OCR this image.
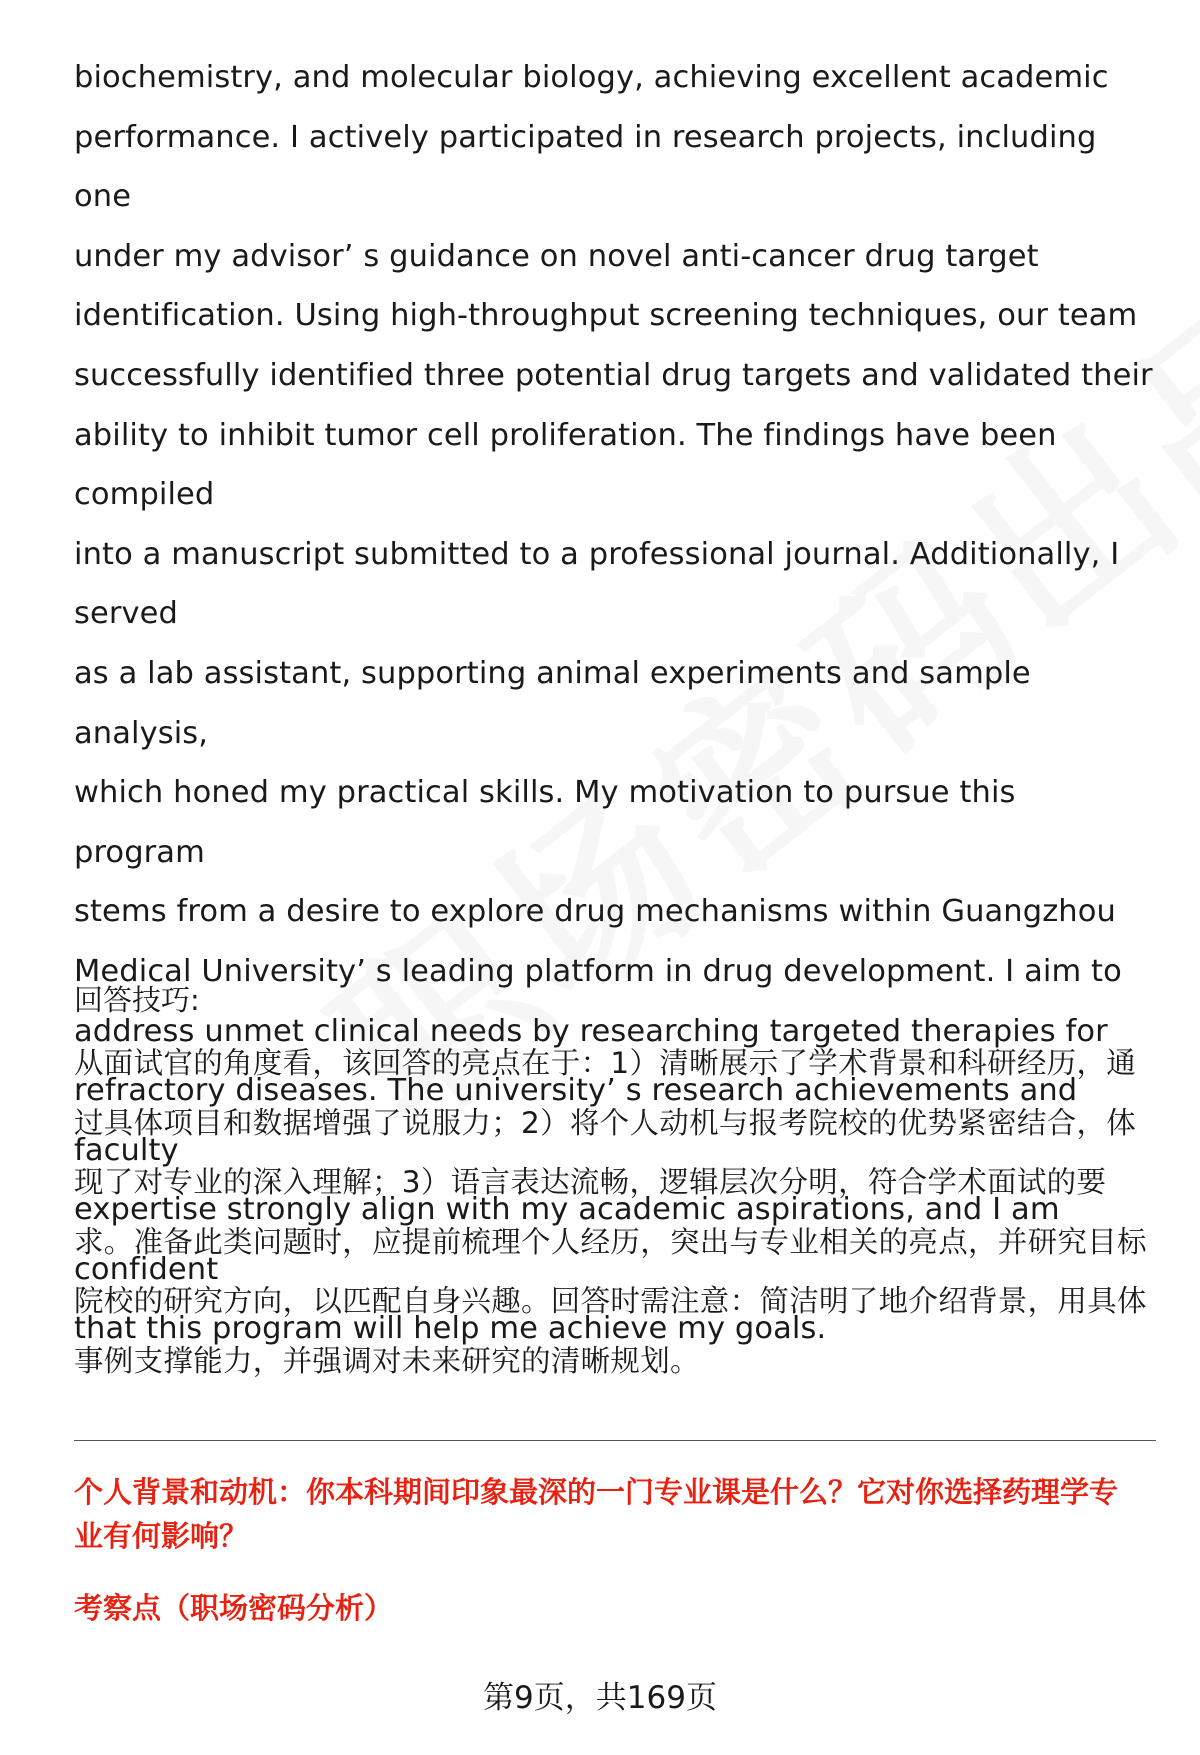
biochemistry, and molecular biology, achieving excellent academic
performance. I actively participated in research projects, including one
under my advisor’ s guidance on novel anti-cancer drug target
identification. Using high-throughput screening techniques, our team
successfully identified three potential drug targets and validated their
ability to inhibit tumor cell proliferation. The findings have been compiled
into a manuscript submitted to a professional journal. Additionally, I served
as a lab assistant, supporting animal experiments and sample analysis,
which honed my practical skills. My motivation to pursue this program
stems from a desire to explore drug mechanisms within Guangzhou
Medical University’ s leading platform in drug development. I aim to
address unmet clinical needs by researching targeted therapies for
refractory diseases. The university’ s research achievements and faculty
expertise strongly align with my academic aspirations, and I am confident
that this program will help me achieve my goals.

回答技巧:

从面试官的角度看，该回答的亮点在于：1）清晰展示了学术背景和科研经历，通
过具体项目和数据增强了说服力；2）将个人动机与报考院校的优势紧密结合，体
现了对专业的深入理解；3）语言表达流畅，逻辑层次分明，符合学术面试的要
求。准备此类问题时，应提前梳理个人经历，突出与专业相关的亮点，并研究目标
院校的研究方向，以匹配自身兴趣。回答时需注意：简洁明了地介绍背景，用具体
事例支撑能力，并强调对未来研究的清晰规划。

个人背景和动机：你本科期间印象最深的一门专业课是什么？它对你选择药理学专
业有何影响？

考察点（职场密码分析）

第9页，共169页
